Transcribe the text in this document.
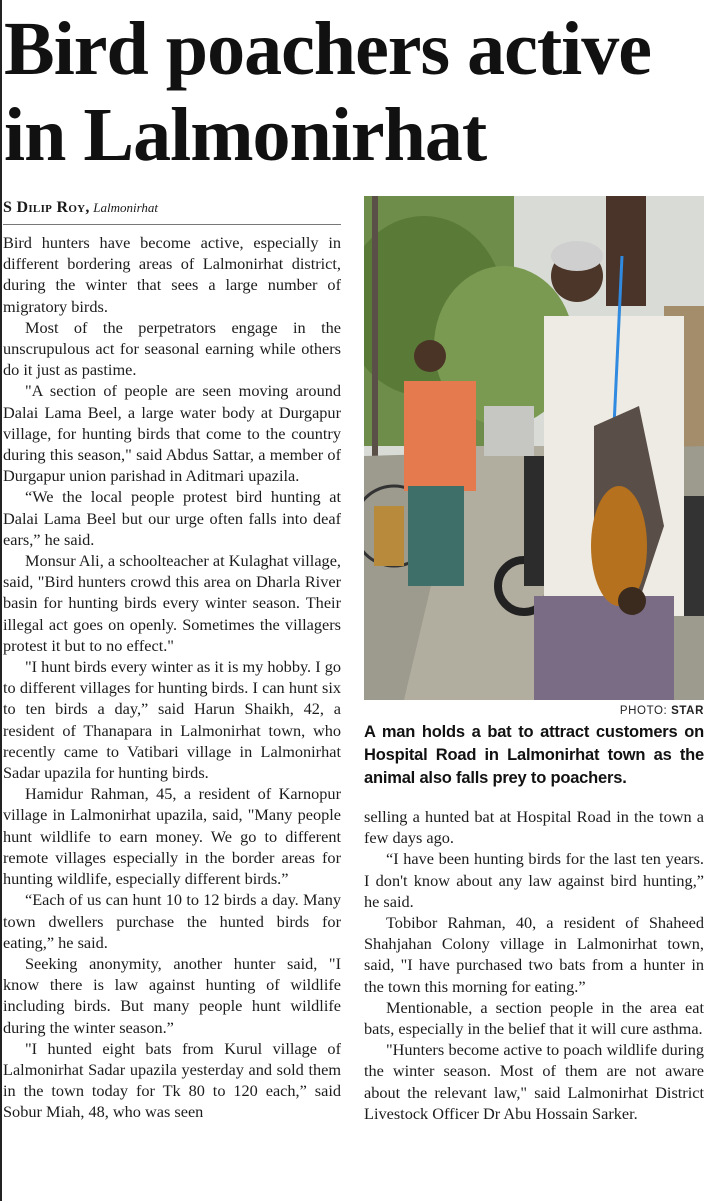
Bird poachers active in Lalmonirhat
S Dilip Roy, Lalmonirhat

Bird hunters have become active, especially in different bordering areas of Lalmonirhat district, during the winter that sees a large number of migratory birds.

Most of the perpetrators engage in the unscrupulous act for seasonal earning while others do it just as pastime.

"A section of people are seen moving around Dalai Lama Beel, a large water body at Durgapur village, for hunting birds that come to the country during this season," said Abdus Sattar, a member of Durgapur union parishad in Aditmari upazila.

“We the local people protest bird hunting at Dalai Lama Beel but our urge often falls into deaf ears,” he said.

Monsur Ali, a schoolteacher at Kulaghat village, said, "Bird hunters crowd this area on Dharla River basin for hunting birds every winter season. Their illegal act goes on openly. Sometimes the villagers protest it but to no effect."

"I hunt birds every winter as it is my hobby. I go to different villages for hunting birds. I can hunt six to ten birds a day,” said Harun Shaikh, 42, a resident of Thanapara in Lalmonirhat town, who recently came to Vatibari village in Lalmonirhat Sadar upazila for hunting birds.

Hamidur Rahman, 45, a resident of Karnopur village in Lalmonirhat upazila, said, "Many people hunt wildlife to earn money. We go to different remote villages especially in the border areas for hunting wildlife, especially different birds.”

“Each of us can hunt 10 to 12 birds a day. Many town dwellers purchase the hunted birds for eating,” he said.

Seeking anonymity, another hunter said, "I know there is law against hunting of wildlife including birds. But many people hunt wildlife during the winter season.”

"I hunted eight bats from Kurul village of Lalmonirhat Sadar upazila yesterday and sold them in the town today for Tk 80 to 120 each,” said Sobur Miah, 48, who was seen

PHOTO: STAR
A man holds a bat to attract customers on Hospital Road in Lalmonirhat town as the animal also falls prey to poachers.

selling a hunted bat at Hospital Road in the town a few days ago.

“I have been hunting birds for the last ten years. I don't know about any law against bird hunting,” he said.

Tobibor Rahman, 40, a resident of Shaheed Shahjahan Colony village in Lalmonirhat town, said, "I have purchased two bats from a hunter in the town this morning for eating.”

Mentionable, a section people in the area eat bats, especially in the belief that it will cure asthma.

"Hunters become active to poach wildlife during the winter season. Most of them are not aware about the relevant law," said Lalmonirhat District Livestock Officer Dr Abu Hossain Sarker.
